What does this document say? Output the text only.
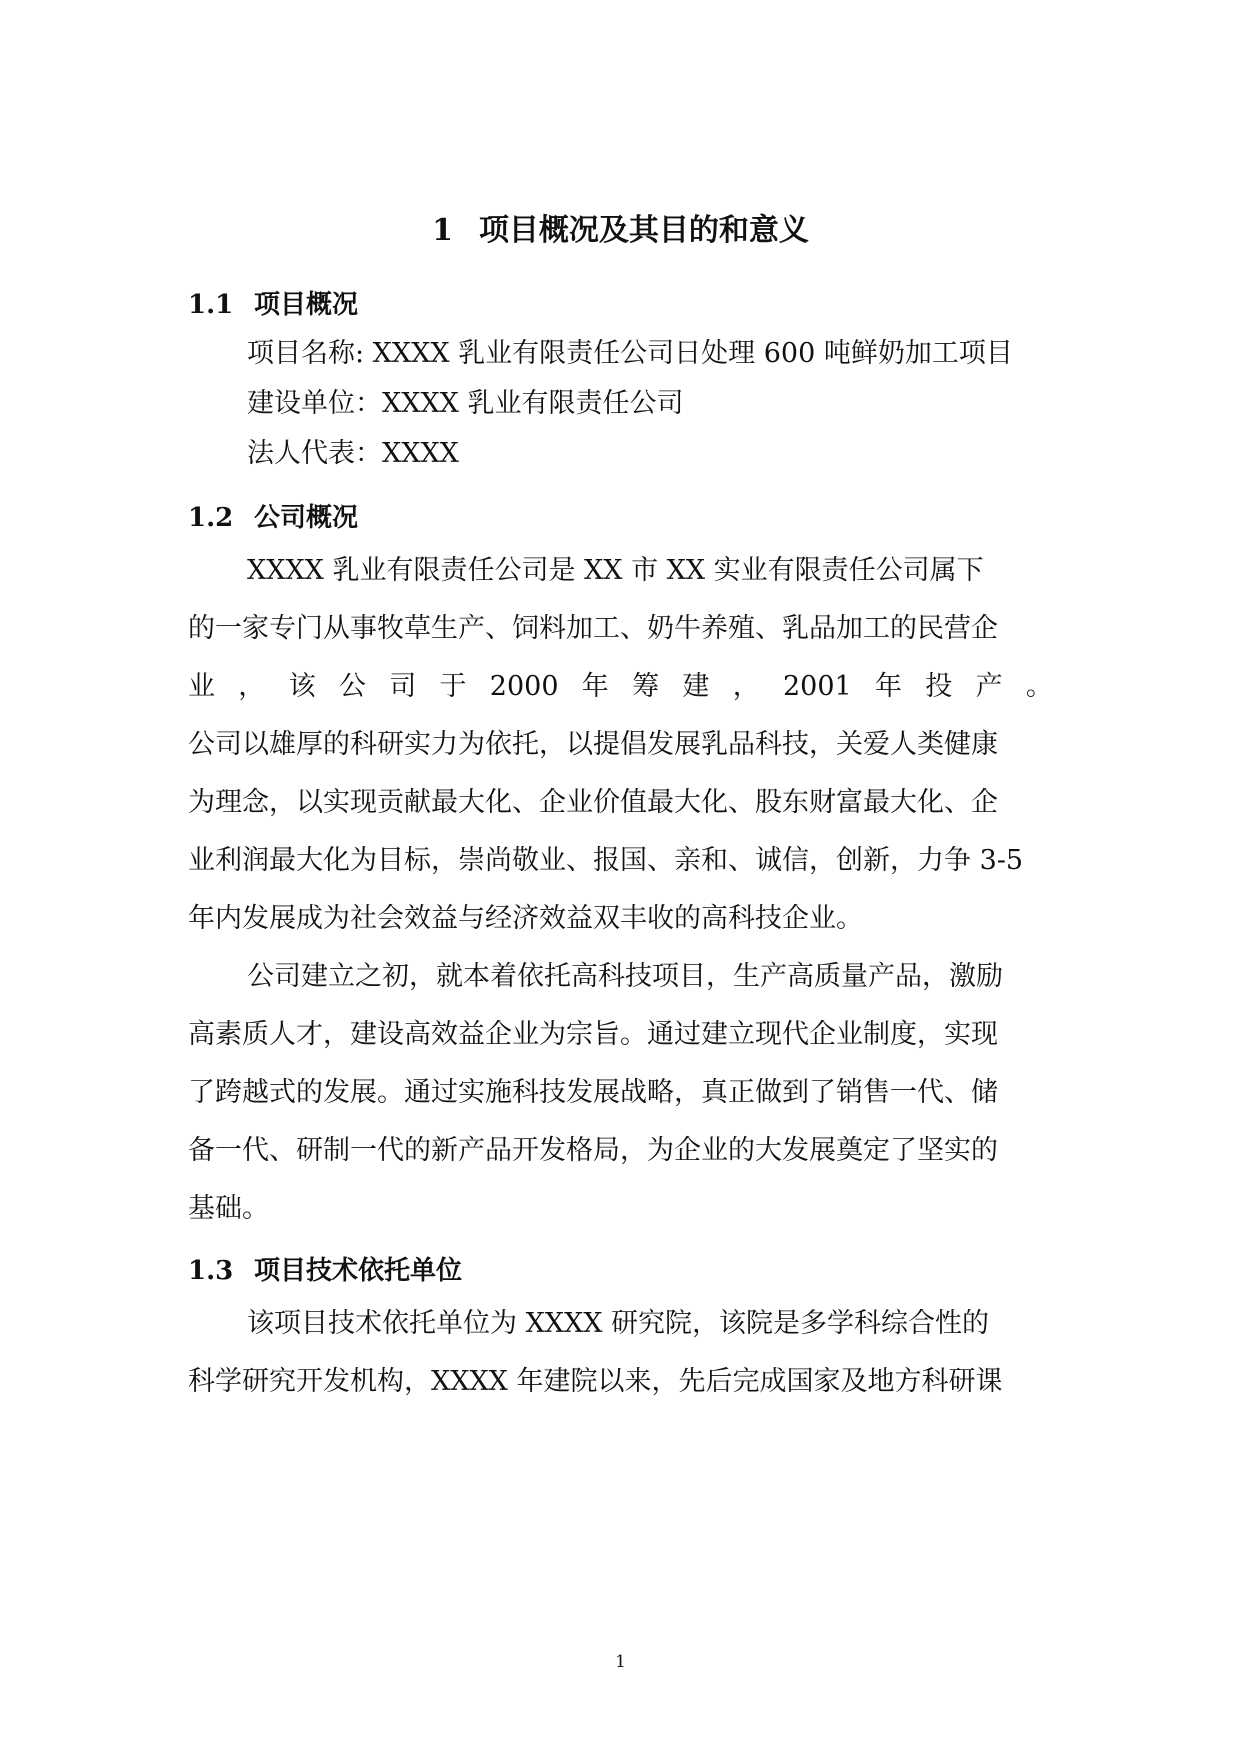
1 项目概况及其目的和意义
1.1 项目概况
项目名称: XXXX 乳业有限责任公司日处理 600 吨鲜奶加工项目
建设单位：XXXX 乳业有限责任公司
法人代表：XXXX
1.2 公司概况
XXXX 乳业有限责任公司是 XX 市 XX 实业有限责任公司属下
的一家专门从事牧草生产、饲料加工、奶牛养殖、乳品加工的民营企
业 ， 该 公 司 于 2000 年 筹 建 ， 2001 年 投 产 。
公司以雄厚的科研实力为依托，以提倡发展乳品科技，关爱人类健康
为理念，以实现贡献最大化、企业价值最大化、股东财富最大化、企
业利润最大化为目标，崇尚敬业、报国、亲和、诚信，创新，力争 3-5
年内发展成为社会效益与经济效益双丰收的高科技企业。
公司建立之初，就本着依托高科技项目，生产高质量产品，激励
高素质人才，建设高效益企业为宗旨。通过建立现代企业制度，实现
了跨越式的发展。通过实施科技发展战略，真正做到了销售一代、储
备一代、研制一代的新产品开发格局，为企业的大发展奠定了坚实的
基础。
1.3 项目技术依托单位
该项目技术依托单位为 XXXX 研究院，该院是多学科综合性的
科学研究开发机构，XXXX 年建院以来，先后完成国家及地方科研课
1
